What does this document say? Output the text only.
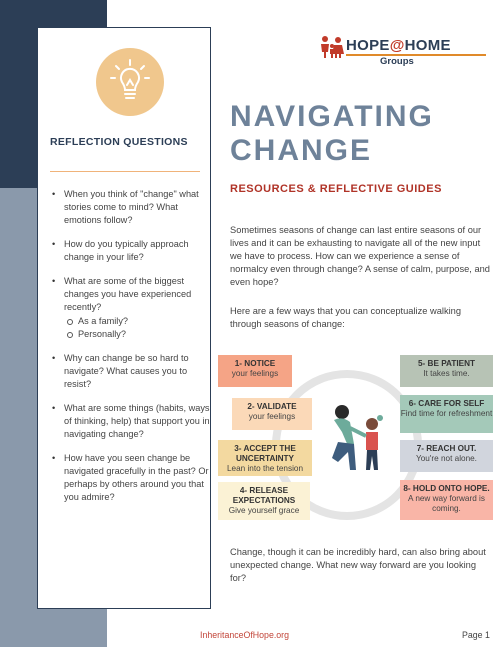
REFLECTION QUESTIONS
• When you think of "change" what stories come to mind? What emotions follow?
• How do you typically approach change in your life?
• What are some of the biggest changes you have experienced recently?
As a family?
Personally?
• Why can change be so hard to navigate? What causes you to resist?
• What are some things (habits, ways of thinking, help) that support you in navigating change?
• How have you seen change be navigated gracefully in the past? Or perhaps by others around you that you admire?
HOPE@HOME
Groups
NAVIGATING
CHANGE
RESOURCES & REFLECTIVE GUIDES
Sometimes seasons of change can last entire seasons of our lives and it can be exhausting to navigate all of the new input we have to process. How can we experience a sense of normalcy even through change? A sense of calm, purpose, and even hope?
Here are a few ways that you can conceptualize walking through seasons of change:
1- NOTICE
your feelings
2- VALIDATE
your feelings
3- ACCEPT THE UNCERTAINTY
Lean into the tension
4- RELEASE EXPECTATIONS
Give yourself grace
5- BE PATIENT
It takes time.
6- CARE FOR SELF
Find time for refreshment
7- REACH OUT.
You're not alone.
8- HOLD ONTO HOPE.
A new way forward is coming.
Change, though it can be incredibly hard, can also bring about unexpected change. What new way forward are you looking for?
InheritanceOfHope.org	Page 1
